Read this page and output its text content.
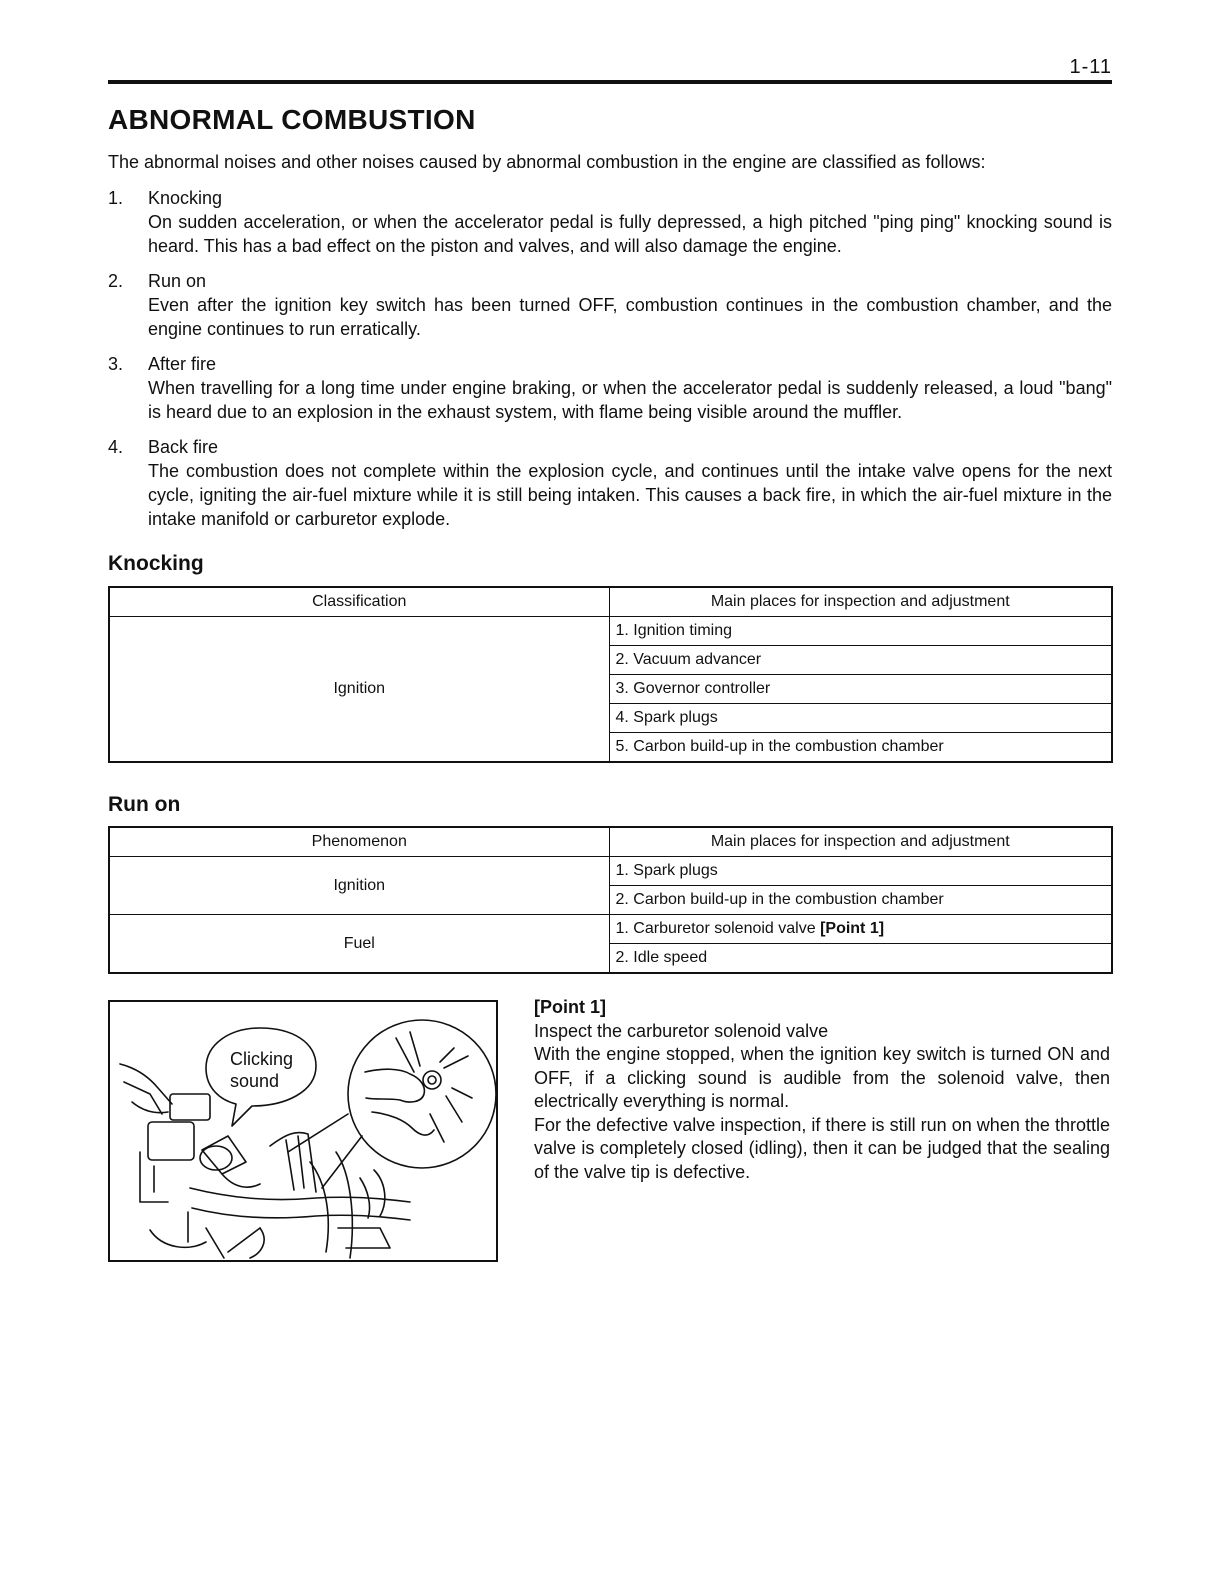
1-11
ABNORMAL COMBUSTION

The abnormal noises and other noises caused by abnormal combustion in the engine are classified as follows:

1. Knocking
On sudden acceleration, or when the accelerator pedal is fully depressed, a high pitched "ping ping" knocking sound is heard. This has a bad effect on the piston and valves, and will also damage the engine.
2. Run on
Even after the ignition key switch has been turned OFF, combustion continues in the combustion chamber, and the engine continues to run erratically.
3. After fire
When travelling for a long time under engine braking, or when the accelerator pedal is suddenly released, a loud "bang" is heard due to an explosion in the exhaust system, with flame being visible around the muffler.
4. Back fire
The combustion does not complete within the explosion cycle, and continues until the intake valve opens for the next cycle, igniting the air-fuel mixture while it is still being intaken. This causes a back fire, in which the air-fuel mixture in the intake manifold or carburetor explode.
Knocking
Classification	Main places for inspection and adjustment
Ignition	1. Ignition timing
	2. Vacuum advancer
	3. Governor controller
	4. Spark plugs
	5. Carbon build-up in the combustion chamber
Run on
Phenomenon	Main places for inspection and adjustment
Ignition	1. Spark plugs
	2. Carbon build-up in the combustion chamber
Fuel	1. Carburetor solenoid valve [Point 1]
	2. Idle speed
Clicking
sound

[Point 1]

Inspect the carburetor solenoid valve

With the engine stopped, when the ignition key switch is turned ON and OFF, if a clicking sound is audible from the solenoid valve, then electrically everything is normal.

For the defective valve inspection, if there is still run on when the throttle valve is completely closed (idling), then it can be judged that the sealing of the valve tip is defective.
